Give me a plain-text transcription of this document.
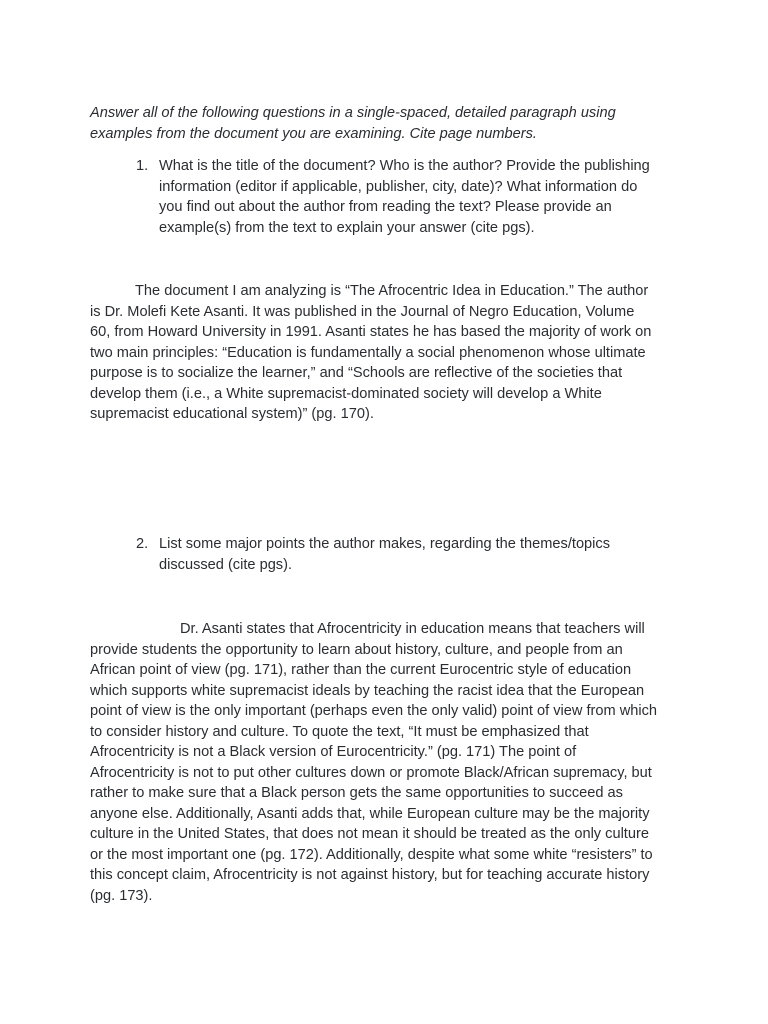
Answer all of the following questions in a single-spaced, detailed paragraph using
examples from the document you are examining. Cite page numbers.
1. What is the title of the document? Who is the author? Provide the publishing
information (editor if applicable, publisher, city, date)? What information do
you find out about the author from reading the text? Please provide an
example(s) from the text to explain your answer (cite pgs).
The document I am analyzing is “The Afrocentric Idea in Education.” The author
is Dr. Molefi Kete Asanti. It was published in the Journal of Negro Education, Volume
60, from Howard University in 1991. Asanti states he has based the majority of work on
two main principles: “Education is fundamentally a social phenomenon whose ultimate
purpose is to socialize the learner,” and “Schools are reflective of the societies that
develop them (i.e., a White supremacist-dominated society will develop a White
supremacist educational system)” (pg. 170).
2. List some major points the author makes, regarding the themes/topics
discussed (cite pgs).
Dr. Asanti states that Afrocentricity in education means that teachers will
provide students the opportunity to learn about history, culture, and people from an
African point of view (pg. 171), rather than the current Eurocentric style of education
which supports white supremacist ideals by teaching the racist idea that the European
point of view is the only important (perhaps even the only valid) point of view from which
to consider history and culture. To quote the text, “It must be emphasized that
Afrocentricity is not a Black version of Eurocentricity.” (pg. 171) The point of
Afrocentricity is not to put other cultures down or promote Black/African supremacy, but
rather to make sure that a Black person gets the same opportunities to succeed as
anyone else. Additionally, Asanti adds that, while European culture may be the majority
culture in the United States, that does not mean it should be treated as the only culture
or the most important one (pg. 172). Additionally, despite what some white “resisters” to
this concept claim, Afrocentricity is not against history, but for teaching accurate history
(pg. 173).
